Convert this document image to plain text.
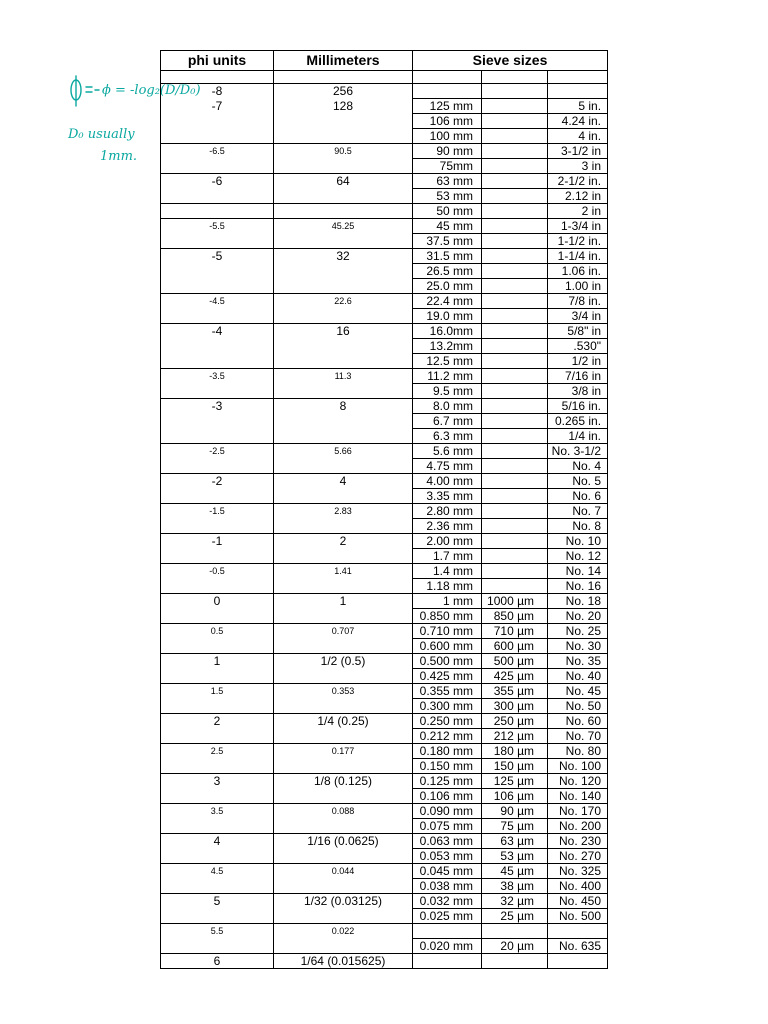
ϕ = -log₂(D/D₀)
D₀ usually
1mm.
phi units	Millimeters	Sieve sizes		

-8	256			
-7	128	125 mm		5 in.
		106 mm		4.24 in.
		100 mm		4 in.
-6.5	90.5	90 mm		3-1/2 in
		75mm		3 in
-6	64	63 mm		2-1/2 in.
		53 mm		2.12 in
		50 mm		2 in
-5.5	45.25	45 mm		1-3/4 in
		37.5 mm		1-1/2 in.
-5	32	31.5 mm		1-1/4 in.
		26.5 mm		1.06 in.
		25.0 mm		1.00 in
-4.5	22.6	22.4 mm		7/8 in.
		19.0 mm		3/4 in
-4	16	16.0mm		5/8" in
		13.2mm		.530"
		12.5 mm		1/2 in
-3.5	11.3	11.2 mm		7/16 in
		9.5 mm		3/8 in
-3	8	8.0 mm		5/16 in.
		6.7 mm		0.265 in.
		6.3 mm		1/4 in.
-2.5	5.66	5.6 mm		No. 3-1/2
		4.75 mm		No. 4
-2	4	4.00 mm		No. 5
		3.35 mm		No. 6
-1.5	2.83	2.80 mm		No. 7
		2.36 mm		No. 8
-1	2	2.00 mm		No. 10
		1.7 mm		No. 12
-0.5	1.41	1.4 mm		No. 14
		1.18 mm		No. 16
0	1	1 mm	1000 µm	No. 18
		0.850 mm	850 µm	No. 20
0.5	0.707	0.710 mm	710 µm	No. 25
		0.600 mm	600 µm	No. 30
1	1/2 (0.5)	0.500 mm	500 µm	No. 35
		0.425 mm	425 µm	No. 40
1.5	0.353	0.355 mm	355 µm	No. 45
		0.300 mm	300 µm	No. 50
2	1/4 (0.25)	0.250 mm	250 µm	No. 60
		0.212 mm	212 µm	No. 70
2.5	0.177	0.180 mm	180 µm	No. 80
		0.150 mm	150 µm	No. 100
3	1/8 (0.125)	0.125 mm	125 µm	No. 120
		0.106 mm	106 µm	No. 140
3.5	0.088	0.090 mm	90 µm	No. 170
		0.075 mm	75 µm	No. 200
4	1/16 (0.0625)	0.063 mm	63 µm	No. 230
		0.053 mm	53 µm	No. 270
4.5	0.044	0.045 mm	45 µm	No. 325
		0.038 mm	38 µm	No. 400
5	1/32 (0.03125)	0.032 mm	32 µm	No. 450
		0.025 mm	25 µm	No. 500
5.5	0.022			
		0.020 mm	20 µm	No. 635
6	1/64 (0.015625)			
